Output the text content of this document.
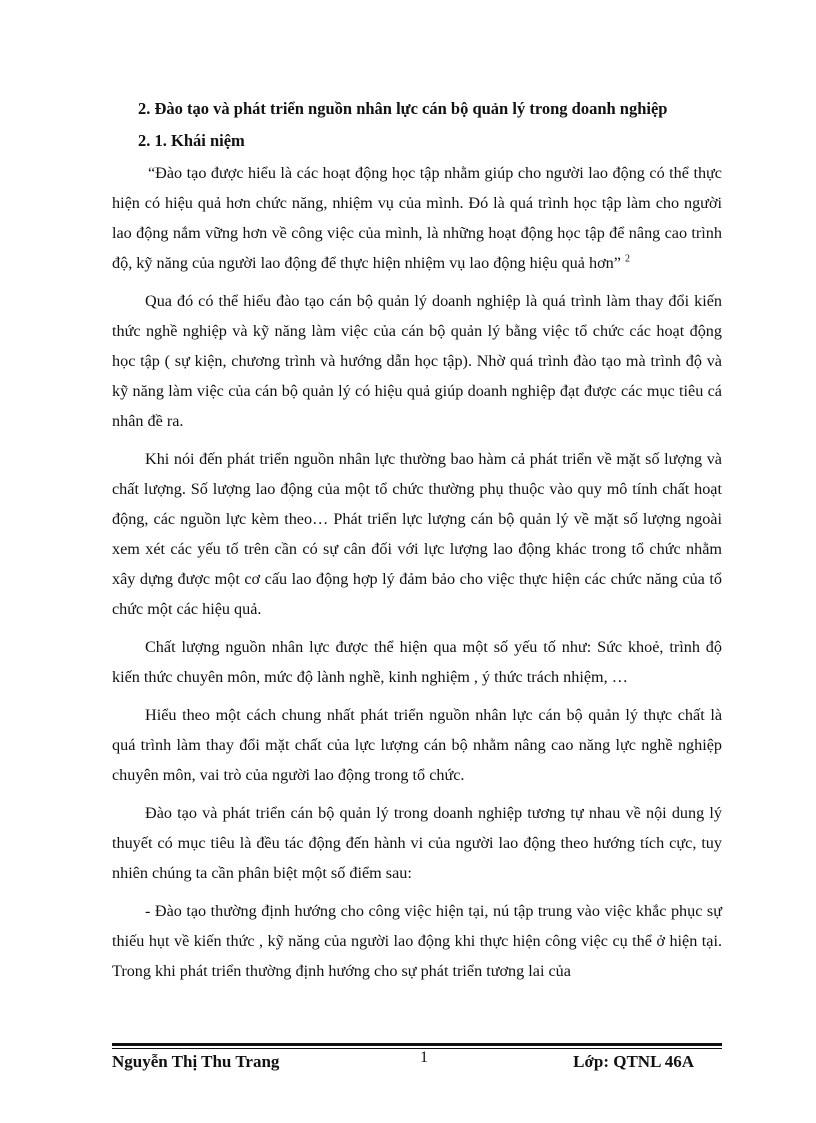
2. Đào tạo và phát triển nguồn nhân lực cán bộ quản lý trong doanh nghiệp
2. 1. Khái niệm

“Đào tạo được hiểu là các hoạt động học tập nhằm giúp cho người lao động có thể thực hiện có hiệu quả hơn chức năng, nhiệm vụ của mình. Đó là quá trình học tập làm cho người lao động nắm vững hơn về công việc của mình, là những hoạt động học tập để nâng cao trình độ, kỹ năng của người lao động để thực hiện nhiệm vụ lao động hiệu quả hơn” $^2$

Qua đó có thể hiểu đào tạo cán bộ quản lý doanh nghiệp là quá trình làm thay đổi kiến thức nghề nghiệp và kỹ năng làm việc của cán bộ quản lý bằng việc tổ chức các hoạt động học tập ( sự kiện, chương trình và hướng dẫn học tập). Nhờ quá trình đào tạo mà trình độ và kỹ năng làm việc của cán bộ quản lý có hiệu quả giúp doanh nghiệp đạt được các mục tiêu cá nhân đề ra.

Khi nói đến phát triển nguồn nhân lực thường bao hàm cả phát triển về mặt số lượng và chất lượng. Số lượng lao động của một tổ chức thường phụ thuộc vào quy mô tính chất hoạt động, các nguồn lực kèm theo… Phát triển lực lượng cán bộ quản lý về mặt số lượng ngoài xem xét các yếu tố trên cần có sự cân đối với lực lượng lao động khác trong tổ chức nhằm xây dựng được một cơ cấu lao động hợp lý đảm bảo cho việc thực hiện các chức năng của tổ chức một các hiệu quả.

Chất lượng nguồn nhân lực được thể hiện qua một số yếu tố như: Sức khoẻ, trình độ kiến thức chuyên môn, mức độ lành nghề, kinh nghiệm , ý thức trách nhiệm, …

Hiểu theo một cách chung nhất phát triển nguồn nhân lực cán bộ quản lý thực chất là quá trình làm thay đổi mặt chất của lực lượng cán bộ nhằm nâng cao năng lực nghề nghiệp chuyên môn, vai trò của người lao động trong tổ chức.

Đào tạo và phát triển cán bộ quản lý trong doanh nghiệp tương tự nhau về nội dung lý thuyết có mục tiêu là đều tác động đến hành vi của người lao động theo hướng tích cực, tuy nhiên chúng ta cần phân biệt một số điểm sau:

- Đào tạo thường định hướng cho công việc hiện tại, nú tập trung vào việc khắc phục sự thiếu hụt về kiến thức , kỹ năng của người lao động khi thực hiện công việc cụ thể ở hiện tại. Trong khi phát triển thường định hướng cho sự phát triển tương lai của

Nguyễn Thị Thu Trang	1	Lớp: QTNL 46A
